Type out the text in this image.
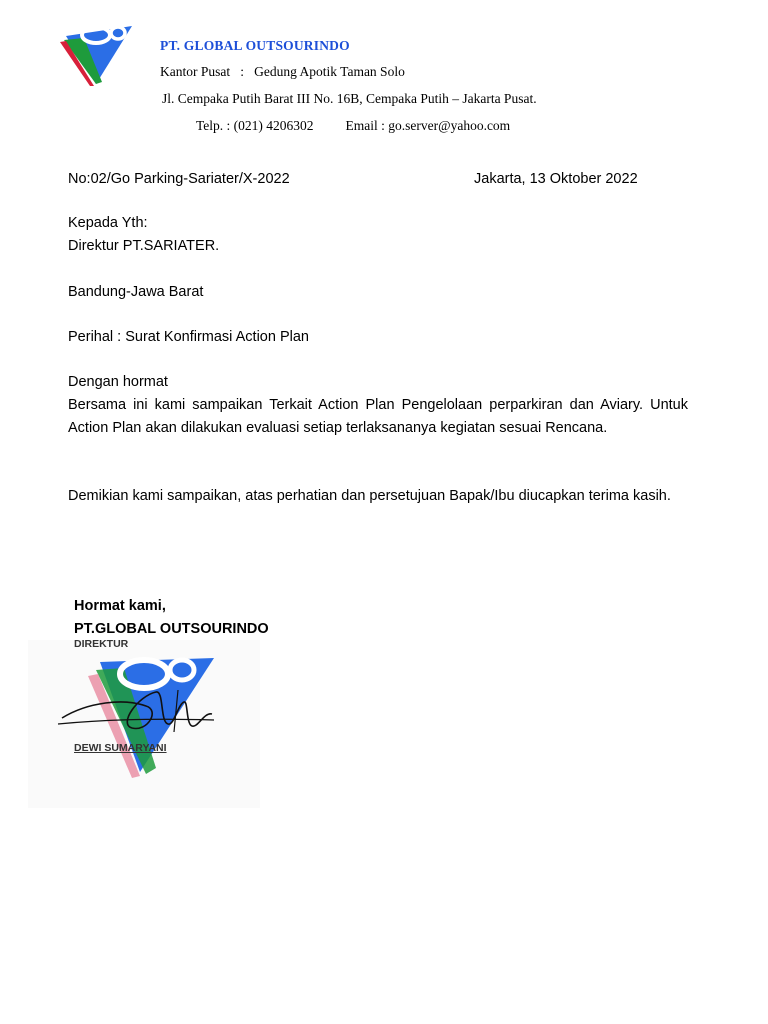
PT. GLOBAL OUTSOURINDO
Kantor Pusat : Gedung Apotik Taman Solo
Jl. Cempaka Putih Barat III No. 16B, Cempaka Putih – Jakarta Pusat.
Telp. : (021) 4206302 Email : go.server@yahoo.com
No:02/Go Parking-Sariater/X-2022	Jakarta, 13 Oktober 2022
Kepada Yth:
Direktur PT.SARIATER.
Bandung-Jawa Barat
Perihal : Surat Konfirmasi Action Plan
Dengan hormat
Bersama ini kami sampaikan Terkait Action Plan Pengelolaan perparkiran dan Aviary. Untuk Action Plan akan dilakukan evaluasi setiap terlaksananya kegiatan sesuai Rencana.
Demikian kami sampaikan, atas perhatian dan persetujuan Bapak/Ibu diucapkan terima kasih.
Hormat kami,
PT.GLOBAL OUTSOURINDO
DIREKTUR
DEWI SUMARYANI
